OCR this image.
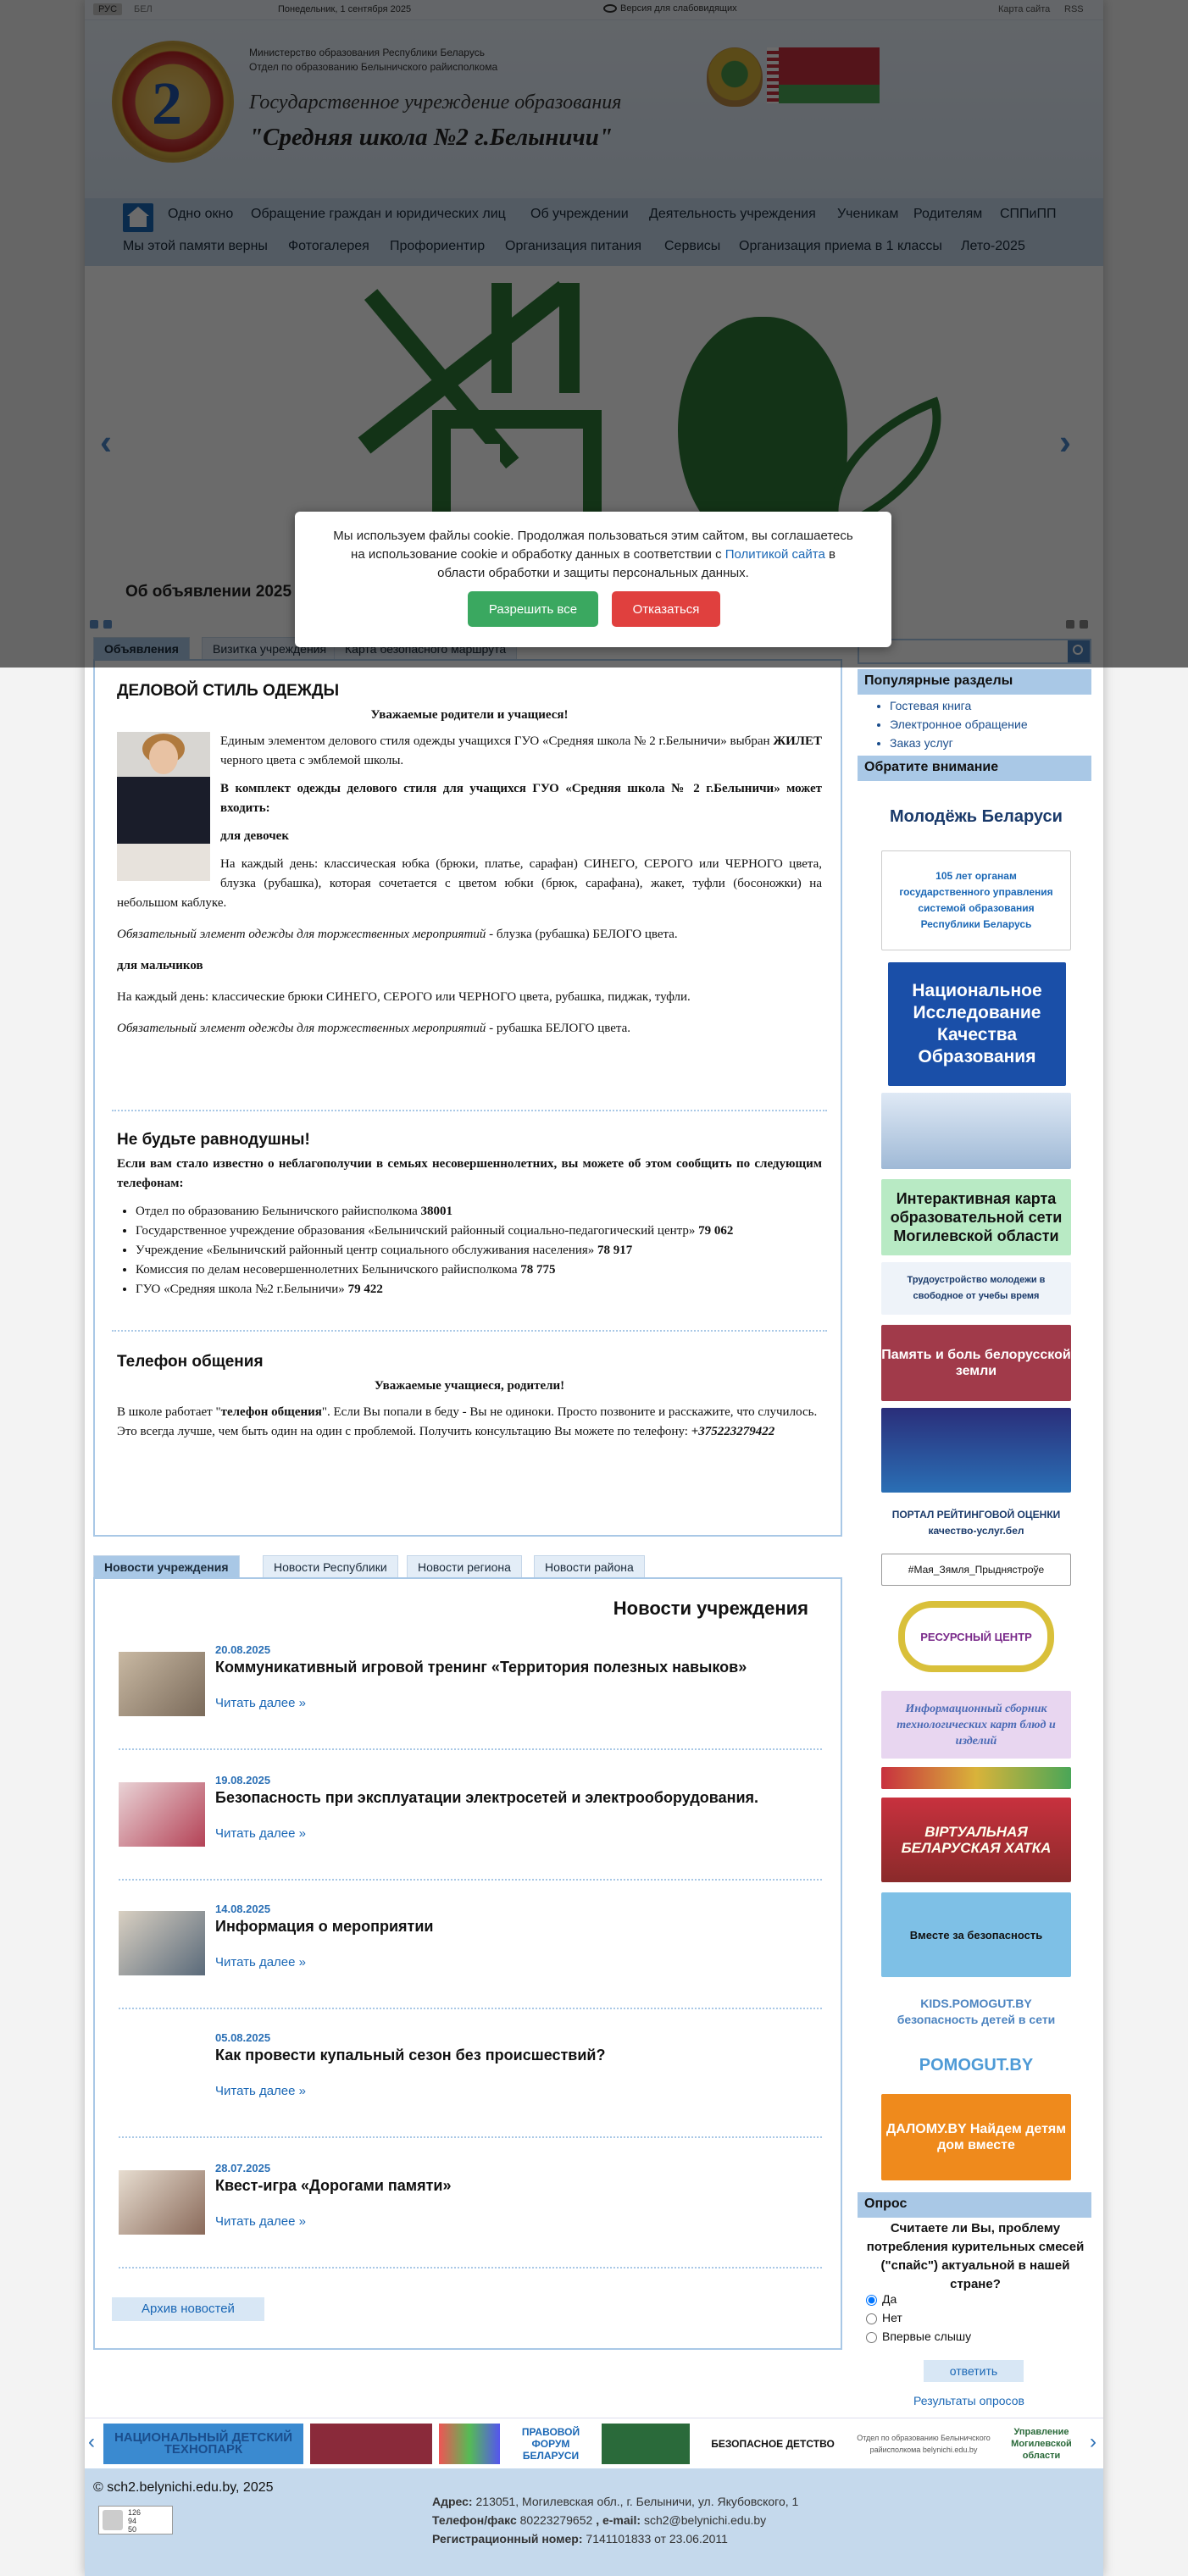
ДЕЛОВОЙ СТИЛЬ ОДЕЖДЫ
Уважаемые родители и учащиеся!

Единым элементом делового стиля одежды учащихся ГУО «Средняя школа № 2 г.Белыничи» выбран ЖИЛЕТ черного цвета с эмблемой школы.

В комплект одежды делового стиля для учащихся ГУО «Средняя школа № 2 г.Белыничи» может входить:

для девочек

На каждый день: классическая юбка (брюки, платье, сарафан) СИНЕГО, СЕРОГО или ЧЕРНОГО цвета, блузка (рубашка), которая сочетается с цветом юбки (брюк, сарафана), жакет, туфли (босоножки) на небольшом каблуке.

Обязательный элемент одежды для торжественных мероприятий - блузка (рубашка) БЕЛОГО цвета.

для мальчиков

На каждый день: классические брюки СИНЕГО, СЕРОГО или ЧЕРНОГО цвета, рубашка, пиджак, туфли.

Обязательный элемент одежды для торжественных мероприятий - рубашка БЕЛОГО цвета.

Не будьте равнодушны!

Если вам стало известно о неблагополучии в семьях несовершеннолетних, вы можете об этом сообщить по следующим телефонам:

• Отдел по образованию Белыничского райисполкома 38001
• Государственное учреждение образования «Белыничский районный социально-педагогический центр» 79 062
• Учреждение «Белыничский районный центр социального обслуживания населения» 78 917
• Комиссия по делам несовершеннолетних Белыничского райисполкома 78 775
• ГУО «Средняя школа №2 г.Белыничи» 79 422
Телефон общения
Уважаемые учащиеся, родители!

В школе работает "телефон общения". Если Вы попали в беду - Вы не одиноки. Просто позвоните и расскажите, что случилось. Это всегда лучше, чем быть один на один с проблемой. Получить консультацию Вы можете по телефону: +375223279422

Новости учреждения	Новости Республики	Новости региона	Новости района
Новости учреждения
20.08.2025
Коммуникативный игровой тренинг «Территория полезных навыков»
Читать далее »
19.08.2025
Безопасность при эксплуатации электросетей и электрооборудования.
Читать далее »
14.08.2025
Информация о мероприятии
Читать далее »
05.08.2025
Как провести купальный сезон без происшествий?
Читать далее »
28.07.2025
Квест-игра «Дорогами памяти»
Читать далее »
Архив новостей
Популярные разделы
• Гостевая книга
• Электронное обращение
• Заказ услуг
Обратите внимание
Молодёжь Беларуси
105 лет органам государственного управления системой образования Республики Беларусь
Национальное Исследование Качества Образования
Интерактивная карта образовательной сети Могилевской области
Трудоустройство молодежи в свободное от учебы время
Память и боль белорусской земли
ПОРТАЛ РЕЙТИНГОВОЙ ОЦЕНКИ качество-услуг.бел
#Мая_Зямля_Прыднястроўе
РЕСУРСНЫЙ ЦЕНТР
Информационный сборник технологических карт блюд и изделий
ВІРТУАЛЬНАЯ БЕЛАРУСКАЯ ХАТКА
Вместе за безопасность
KIDS.POMOGUT.BY безопасность детей в сети
POMOGUT.BY
ДАЛОМУ.BY Найдем детям дом вместе
Опрос
Считаете ли Вы, проблему потребления курительных смесей ("спайс") актуальной в нашей стране?
Да
Нет
Впервые слышу
ответить
Результаты опросов
‹	НАЦИОНАЛЬНЫЙ ДЕТСКИЙ ТЕХНОПАРК
ПРАВОВОЙ ФОРУМ БЕЛАРУСИ
БЕЗОПАСНОЕ ДЕТСТВО	Отдел по образованию Белыничского райисполкома belynichi.edu.by
Управление Могилевской области
›
© sch2.belynichi.edu.by, 2025
126
94
50
Адрес: 213051, Могилевская обл., г. Белыничи, ул. Якубовского, 1
Телефон/факс 80223279652 , e-mail: sch2@belynichi.edu.by
Регистрационный номер: 7141101833 от 23.06.2011
Мы используем файлы cookie. Продолжая пользоваться этим сайтом, вы соглашаетесь на использование cookie и обработку данных в соответствии с Политикой сайта в области обработки и защиты персональных данных.
Разрешить все	Отказаться
